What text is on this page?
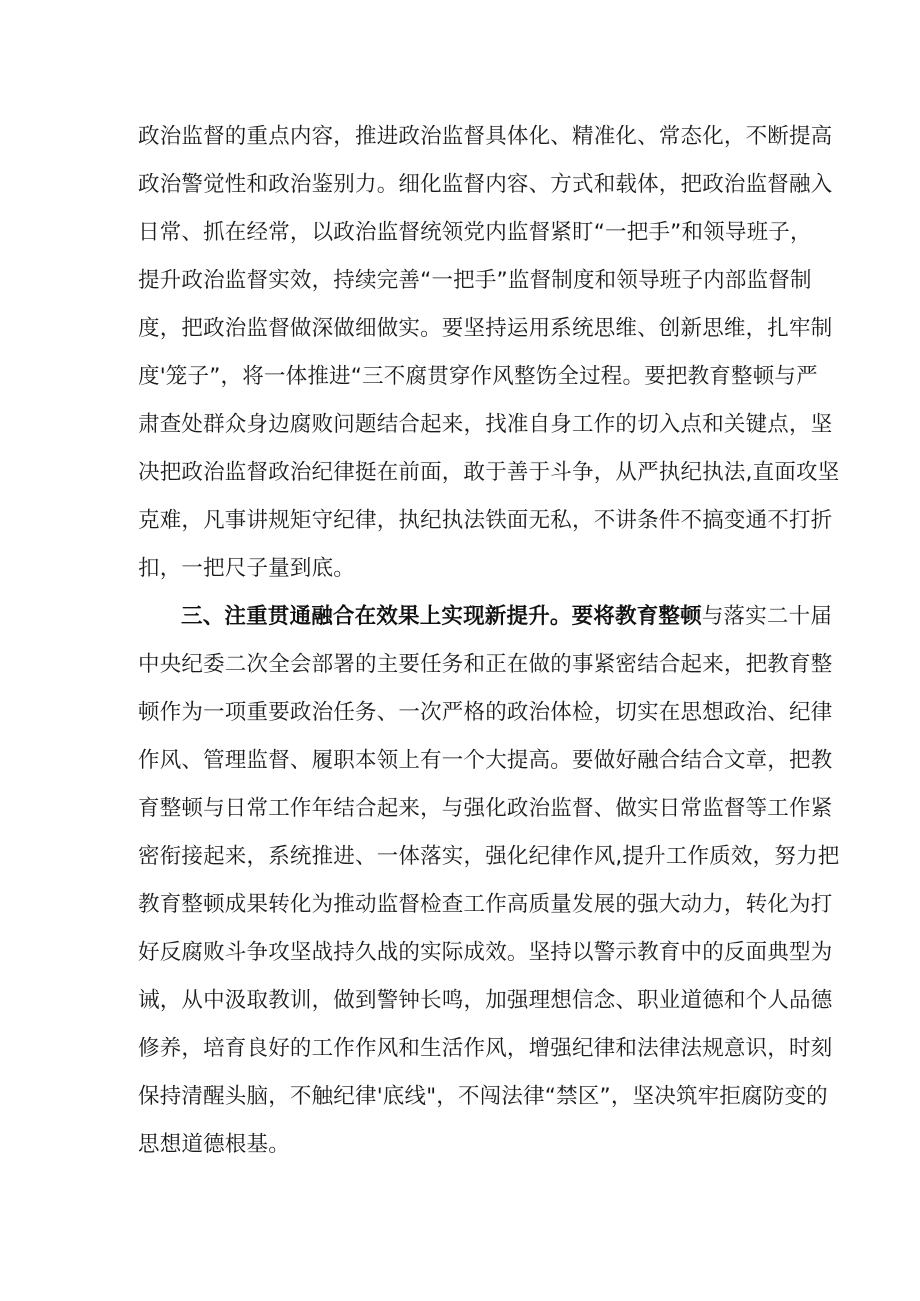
政治监督的重点内容，推进政治监督具体化、精准化、常态化，不断提高
政治警觉性和政治鉴别力。细化监督内容、方式和载体，把政治监督融入
日常、抓在经常，以政治监督统领党内监督紧盯“一把手”和领导班子，
提升政治监督实效，持续完善“一把手”监督制度和领导班子内部监督制
度，把政治监督做深做细做实。要坚持运用系统思维、创新思维，扎牢制
度'笼子”，将一体推进“三不腐贯穿作风整饬全过程。要把教育整顿与严
肃查处群众身边腐败问题结合起来，找准自身工作的切入点和关键点，坚
决把政治监督政治纪律挺在前面，敢于善于斗争，从严执纪执法,直面攻坚
克难，凡事讲规矩守纪律，执纪执法铁面无私，不讲条件不搞变通不打折
扣，一把尺子量到底。
三、注重贯通融合在效果上实现新提升。要将教育整顿与落实二十届
中央纪委二次全会部署的主要任务和正在做的事紧密结合起来，把教育整
顿作为一项重要政治任务、一次严格的政治体检，切实在思想政治、纪律
作风、管理监督、履职本领上有一个大提高。要做好融合结合文章，把教
育整顿与日常工作年结合起来，与强化政治监督、做实日常监督等工作紧
密衔接起来，系统推进、一体落实，强化纪律作风,提升工作质效，努力把
教育整顿成果转化为推动监督检查工作高质量发展的强大动力，转化为打
好反腐败斗争攻坚战持久战的实际成效。坚持以警示教育中的反面典型为
诫，从中汲取教训，做到警钟长鸣，加强理想信念、职业道德和个人品德
修养，培育良好的工作作风和生活作风，增强纪律和法律法规意识，时刻
保持清醒头脑，不触纪律'底线"，不闯法律“禁区”，坚决筑牢拒腐防变的
思想道德根基。
